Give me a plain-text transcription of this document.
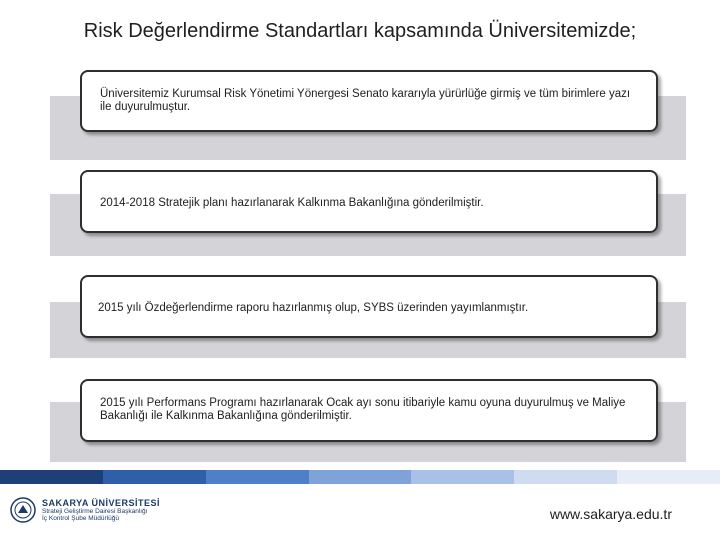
Risk Değerlendirme Standartları kapsamında Üniversitemizde;
Üniversitemiz Kurumsal Risk Yönetimi Yönergesi Senato kararıyla yürürlüğe girmiş ve tüm birimlere yazı ile duyurulmuştur.
2014-2018 Stratejik planı hazırlanarak Kalkınma Bakanlığına gönderilmiştir.
2015 yılı Özdeğerlendirme raporu hazırlanmış olup, SYBS üzerinden yayımlanmıştır.
2015 yılı Performans Programı hazırlanarak Ocak ayı sonu itibariyle kamu oyuna duyurulmuş ve Maliye Bakanlığı ile Kalkınma Bakanlığına gönderilmiştir.
SAKARYA ÜNİVERSİTESİ
Strateji Geliştirme Dairesi Başkanlığı
İç Kontrol Şube Müdürlüğü	www.sakarya.edu.tr
